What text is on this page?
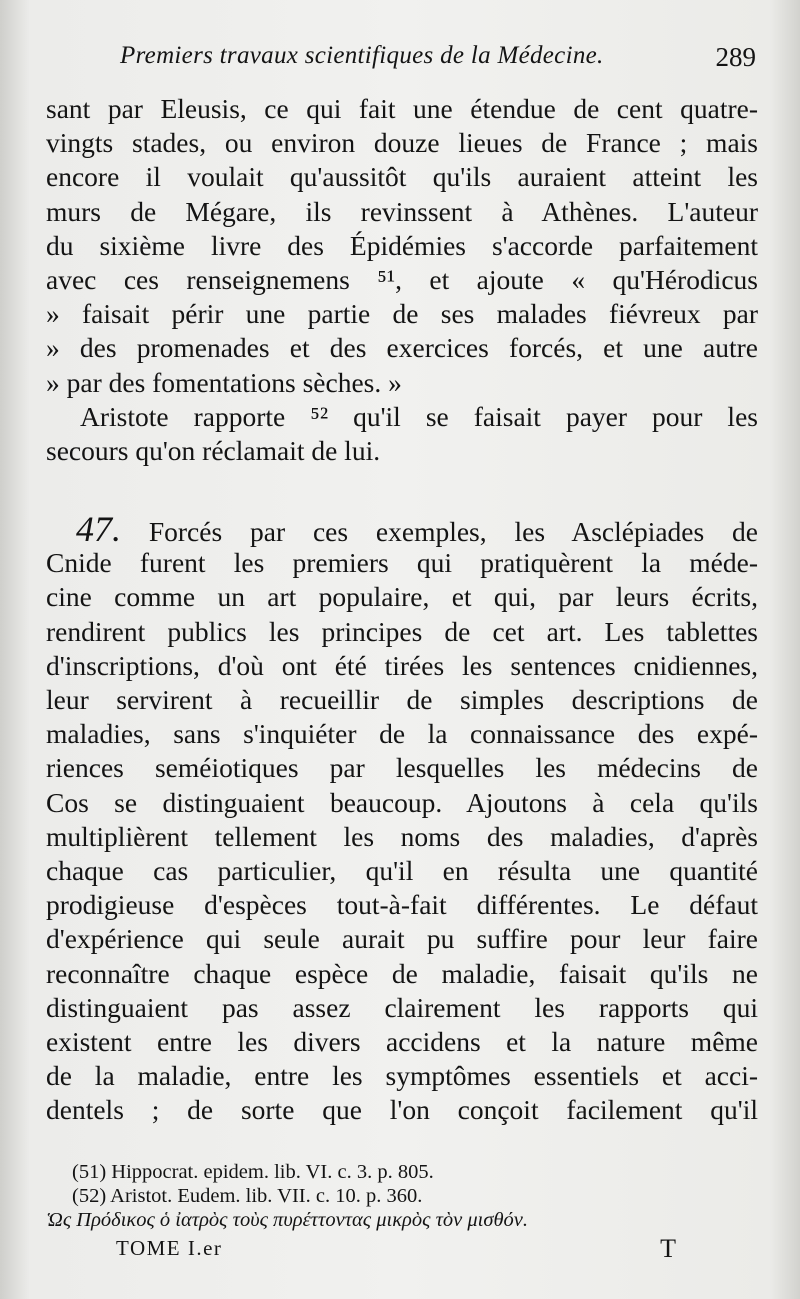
Premiers travaux scientifiques de la Médecine.	289
sant par Eleusis, ce qui fait une étendue de cent quatre-
vingts stades, ou environ douze lieues de France ; mais
encore il voulait qu'aussitôt qu'ils auraient atteint les
murs de Mégare, ils revinssent à Athènes. L'auteur
du sixième livre des Épidémies s'accorde parfaitement
avec ces renseignemens ⁵¹, et ajoute « qu'Hérodicus
» faisait périr une partie de ses malades fiévreux par
» des promenades et des exercices forcés, et une autre
» par des fomentations sèches. »
Aristote rapporte ⁵² qu'il se faisait payer pour les
secours qu'on réclamait de lui.
47. Forcés par ces exemples, les Asclépiades de
Cnide furent les premiers qui pratiquèrent la méde-
cine comme un art populaire, et qui, par leurs écrits,
rendirent publics les principes de cet art. Les tablettes
d'inscriptions, d'où ont été tirées les sentences cnidiennes,
leur servirent à recueillir de simples descriptions de
maladies, sans s'inquiéter de la connaissance des expé-
riences seméiotiques par lesquelles les médecins de
Cos se distinguaient beaucoup. Ajoutons à cela qu'ils
multiplièrent tellement les noms des maladies, d'après
chaque cas particulier, qu'il en résulta une quantité
prodigieuse d'espèces tout-à-fait différentes. Le défaut
d'expérience qui seule aurait pu suffire pour leur faire
reconnaître chaque espèce de maladie, faisait qu'ils ne
distinguaient pas assez clairement les rapports qui
existent entre les divers accidens et la nature même
de la maladie, entre les symptômes essentiels et acci-
dentels ; de sorte que l'on conçoit facilement qu'il
(51) Hippocrat. epidem. lib. VI. c. 3. p. 805.
(52) Aristot. Eudem. lib. VII. c. 10. p. 360.
Ὡς Πρόδικος ὁ ἰατρὸς τοὺς πυρέττοντας μικρὸς τὸν μισθόν.
TOME I.er	T
